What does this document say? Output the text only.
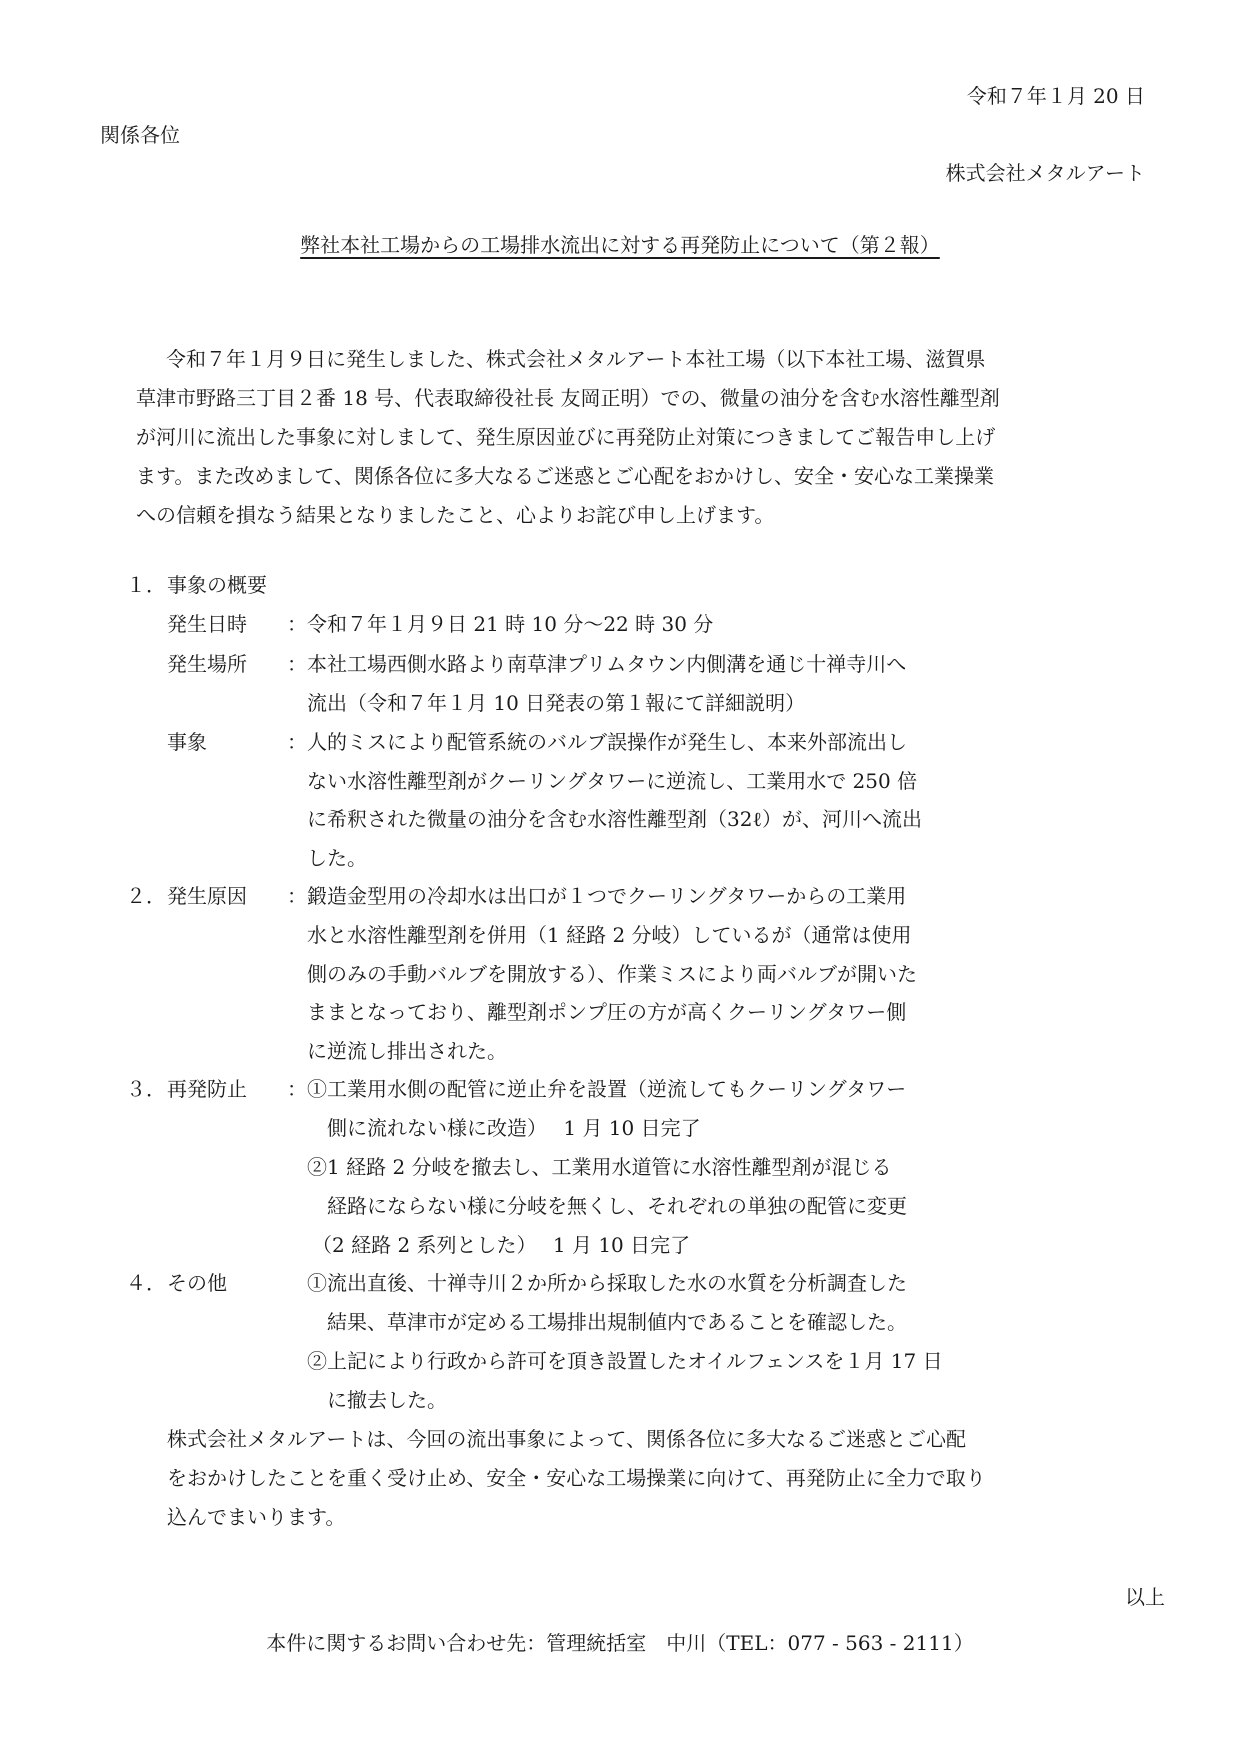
令和７年１月 20 日
関係各位
株式会社メタルアート
弊社本社工場からの工場排水流出に対する再発防止について（第２報）
令和７年１月９日に発生しました、株式会社メタルアート本社工場（以下本社工場、滋賀県
草津市野路三丁目２番 18 号、代表取締役社長 友岡正明）での、微量の油分を含む水溶性離型剤
が河川に流出した事象に対しまして、発生原因並びに再発防止対策につきましてご報告申し上げ
ます。また改めまして、関係各位に多大なるご迷惑とご心配をおかけし、安全・安心な工業操業
への信頼を損なう結果となりましたこと、心よりお詫び申し上げます。
１． 事象の概要
発生日時 ： 令和７年１月９日 21 時 10 分～22 時 30 分
発生場所 ： 本社工場西側水路より南草津プリムタウン内側溝を通じ十禅寺川へ
流出（令和７年１月 10 日発表の第１報にて詳細説明）
事象	： 人的ミスにより配管系統のバルブ誤操作が発生し、本来外部流出し
ない水溶性離型剤がクーリングタワーに逆流し、工業用水で 250 倍
に希釈された微量の油分を含む水溶性離型剤（32ℓ）が、河川へ流出
した。
２． 発生原因 ： 鍛造金型用の冷却水は出口が１つでクーリングタワーからの工業用
水と水溶性離型剤を併用（1 経路 2 分岐）しているが（通常は使用
側のみの手動バルブを開放する）、作業ミスにより両バルブが開いた
ままとなっており、離型剤ポンプ圧の方が高くクーリングタワー側
に逆流し排出された。
３． 再発防止 ： ①工業用水側の配管に逆止弁を設置（逆流してもクーリングタワー
側に流れない様に改造）　 1 月 10 日完了
②1 経路 2 分岐を撤去し、工業用水道管に水溶性離型剤が混じる
経路にならない様に分岐を無くし、それぞれの単独の配管に変更
（2 経路 2 系列とした）　 1 月 10 日完了
４． その他	①流出直後、十禅寺川２か所から採取した水の水質を分析調査した
結果、草津市が定める工場排出規制値内であることを確認した。
②上記により行政から許可を頂き設置したオイルフェンスを１月 17 日
に撤去した。
株式会社メタルアートは、今回の流出事象によって、関係各位に多大なるご迷惑とご心配
をおかけしたことを重く受け止め、安全・安心な工場操業に向けて、再発防止に全力で取り
込んでまいります。
以上
本件に関するお問い合わせ先：管理統括室　中川（TEL：077 - 563 - 2111）
